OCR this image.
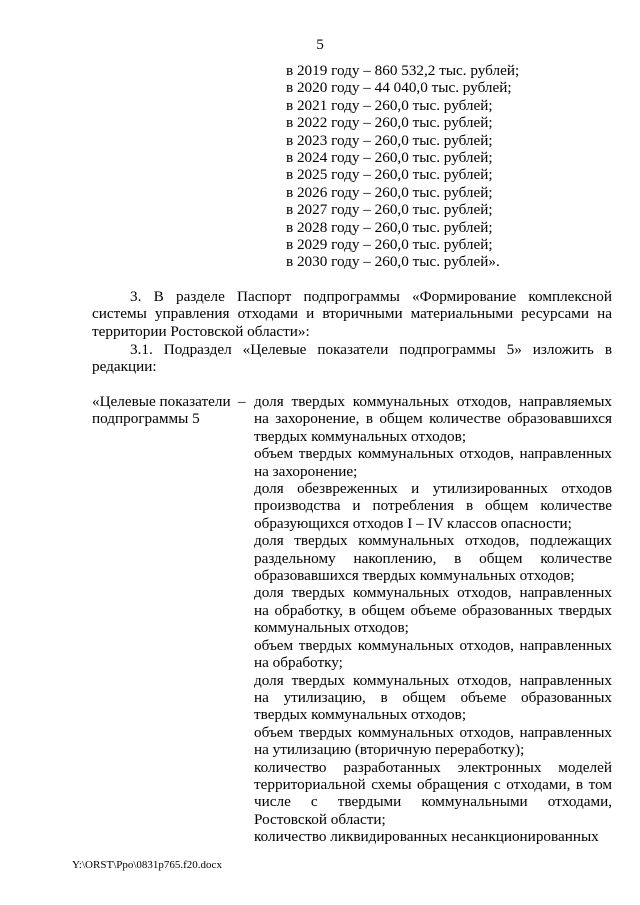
5
в 2019 году – 860 532,2 тыс. рублей;
в 2020 году – 44 040,0 тыс. рублей;
в 2021 году – 260,0 тыс. рублей;
в 2022 году – 260,0 тыс. рублей;
в 2023 году – 260,0 тыс. рублей;
в 2024 году – 260,0 тыс. рублей;
в 2025 году – 260,0 тыс. рублей;
в 2026 году – 260,0 тыс. рублей;
в 2027 году – 260,0 тыс. рублей;
в 2028 году – 260,0 тыс. рублей;
в 2029 году – 260,0 тыс. рублей;
в 2030 году – 260,0 тыс. рублей».

3. В разделе Паспорт подпрограммы «Формирование комплексной системы управления отходами и вторичными материальными ресурсами на территории Ростовской области»:

3.1. Подраздел «Целевые показатели подпрограммы 5» изложить в редакции:

«Целевые показатели подпрограммы 5
– доля твердых коммунальных отходов, направляемых на захоронение, в общем количестве образовавшихся твердых коммунальных отходов;
объем твердых коммунальных отходов, направленных на захоронение;
доля обезвреженных и утилизированных отходов производства и потребления в общем количестве образующихся отходов I – IV классов опасности;
доля твердых коммунальных отходов, подлежащих раздельному накоплению, в общем количестве образовавшихся твердых коммунальных отходов;
доля твердых коммунальных отходов, направленных на обработку, в общем объеме образованных твердых коммунальных отходов;
объем твердых коммунальных отходов, направленных на обработку;
доля твердых коммунальных отходов, направленных на утилизацию, в общем объеме образованных твердых коммунальных отходов;
объем твердых коммунальных отходов, направленных на утилизацию (вторичную переработку);
количество разработанных электронных моделей территориальной схемы обращения с отходами, в том числе с твердыми коммунальными отходами, Ростовской области;
количество ликвидированных несанкционированных
Y:\ORST\Ppo\0831p765.f20.docx
